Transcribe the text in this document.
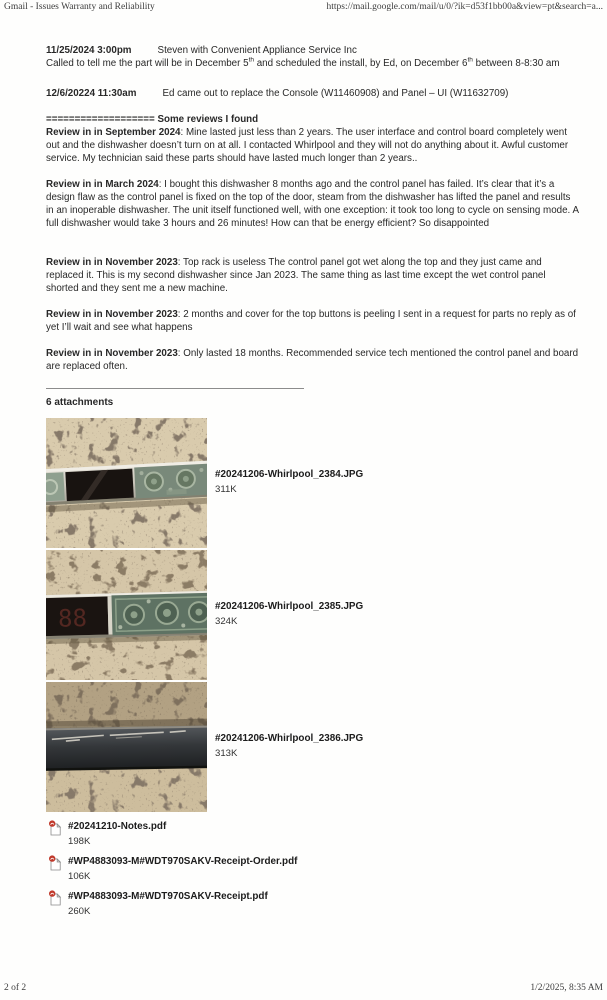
Gmail - Issues Warranty and Reliability	https://mail.google.com/mail/u/0/?ik=d53f1bb00a&view=pt&search=a...
11/25/2024 3:00pm	Steven with Convenient Appliance Service Inc
Called to tell me the part will be in December 5th and scheduled the install, by Ed, on December 6th between 8-8:30 am
12/6/20224 11:30am	Ed came out to replace the Console (W11460908) and Panel – UI (W11632709)
=================== Some reviews I found
Review in in September 2024: Mine lasted just less than 2 years. The user interface and control board completely went out and the dishwasher doesn’t turn on at all. I contacted Whirlpool and they will not do anything about it. Awful customer service. My technician said these parts should have lasted much longer than 2 years..
Review in in March 2024: I bought this dishwasher 8 months ago and the control panel has failed. It’s clear that it’s a design flaw as the control panel is fixed on the top of the door, steam from the dishwasher has lifted the panel and results in an inoperable dishwasher. The unit itself functioned well, with one exception: it took too long to cycle on sensing mode. A full dishwasher would take 3 hours and 26 minutes! How can that be energy efficient? So disappointed
Review in in November 2023: Top rack is useless The control panel got wet along the top and they just came and replaced it. This is my second dishwasher since Jan 2023. The same thing as last time except the wet control panel shorted and they sent me a new machine.
Review in in November 2023: 2 months and cover for the top buttons is peeling I sent in a request for parts no reply as of yet I’ll wait and see what happens
Review in in November 2023: Only lasted 18 months. Recommended service tech mentioned the control panel and board are replaced often.
6 attachments
#20241206-Whirlpool_2384.JPG
311K
88	#20241206-Whirlpool_2385.JPG
324K
#20241206-Whirlpool_2386.JPG
313K
#20241210-Notes.pdf
198K
#WP4883093-M#WDT970SAKV-Receipt-Order.pdf
106K
#WP4883093-M#WDT970SAKV-Receipt.pdf
260K
2 of 2	1/2/2025, 8:35 AM
